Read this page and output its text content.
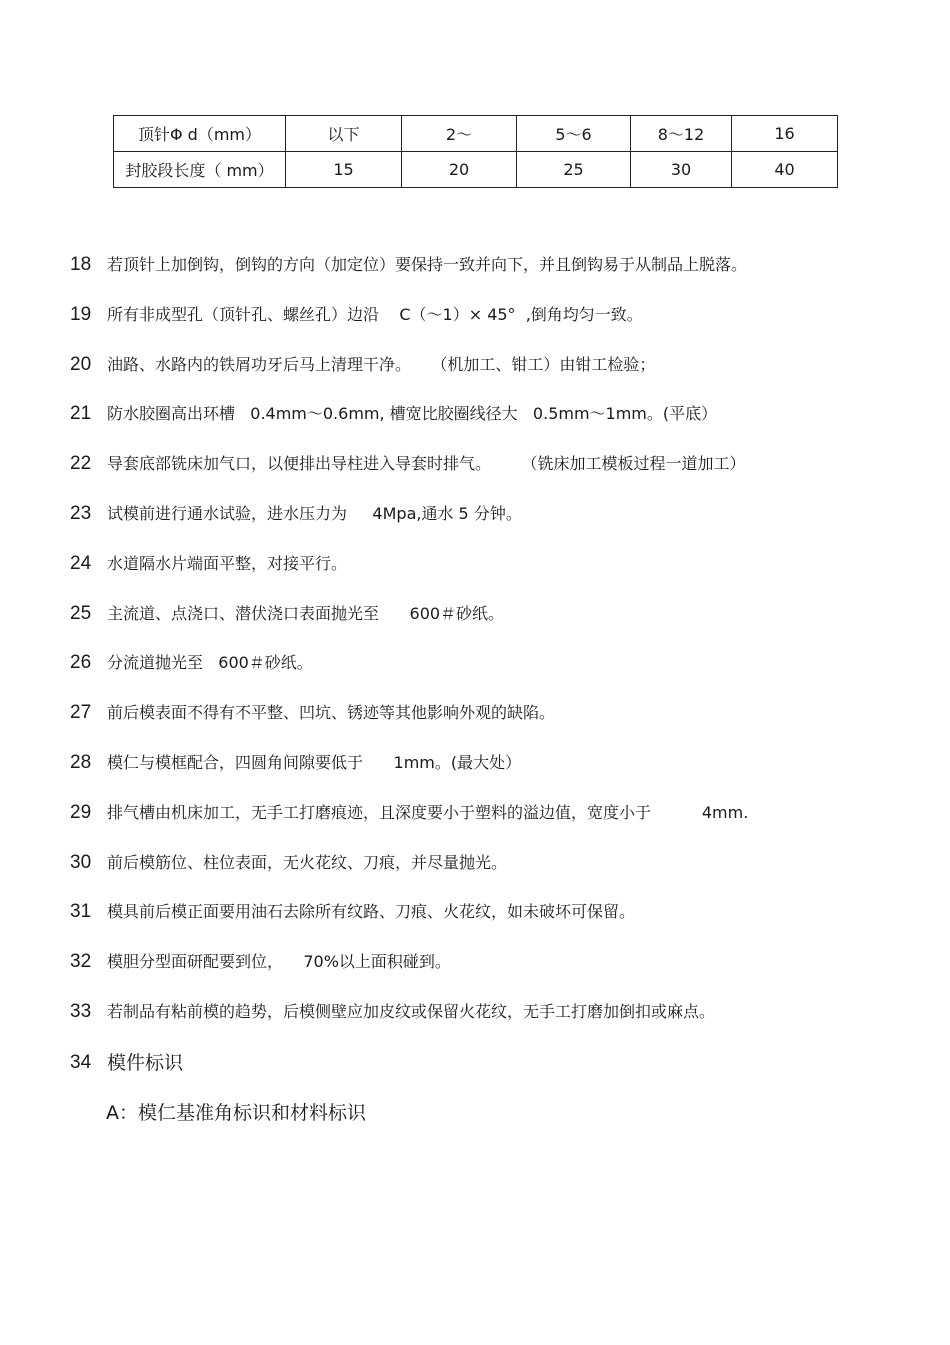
顶针Φ d（mm）	以下	2～	5～6	8～12	16
封胶段长度（ mm）	15	20	25	30	40
18 若顶针上加倒钩，倒钩的方向（加定位）要保持一致并向下，并且倒钩易于从制品上脱落。
19 所有非成型孔（顶针孔、螺丝孔）边沿    C（～1）× 45°  ,倒角均匀一致。
20 油路、水路内的铁屑功牙后马上清理干净。    （机加工、钳工）由钳工检验；
21 防水胶圈高出环槽   0.4mm～0.6mm, 槽宽比胶圈线径大   0.5mm～1mm。(平底）
22 导套底部铣床加气口，以便排出导柱进入导套时排气。      （铣床加工模板过程一道加工）
23 试模前进行通水试验，进水压力为     4Mpa,通水 5 分钟。
24 水道隔水片端面平整，对接平行。
25 主流道、点浇口、潜伏浇口表面抛光至      600＃砂纸。
26 分流道抛光至   600＃砂纸。
27 前后模表面不得有不平整、凹坑、锈迹等其他影响外观的缺陷。
28 模仁与模框配合，四圆角间隙要低于      1mm。(最大处）
29 排气槽由机床加工，无手工打磨痕迹，且深度要小于塑料的溢边值，宽度小于          4mm.
30 前后模筋位、柱位表面，无火花纹、刀痕，并尽量抛光。
31 模具前后模正面要用油石去除所有纹路、刀痕、火花纹，如未破坏可保留。
32 模胆分型面研配要到位，    70%以上面积碰到。
33 若制品有粘前模的趋势，后模侧壁应加皮纹或保留火花纹，无手工打磨加倒扣或麻点。
34 模件标识
A：模仁基准角标识和材料标识
